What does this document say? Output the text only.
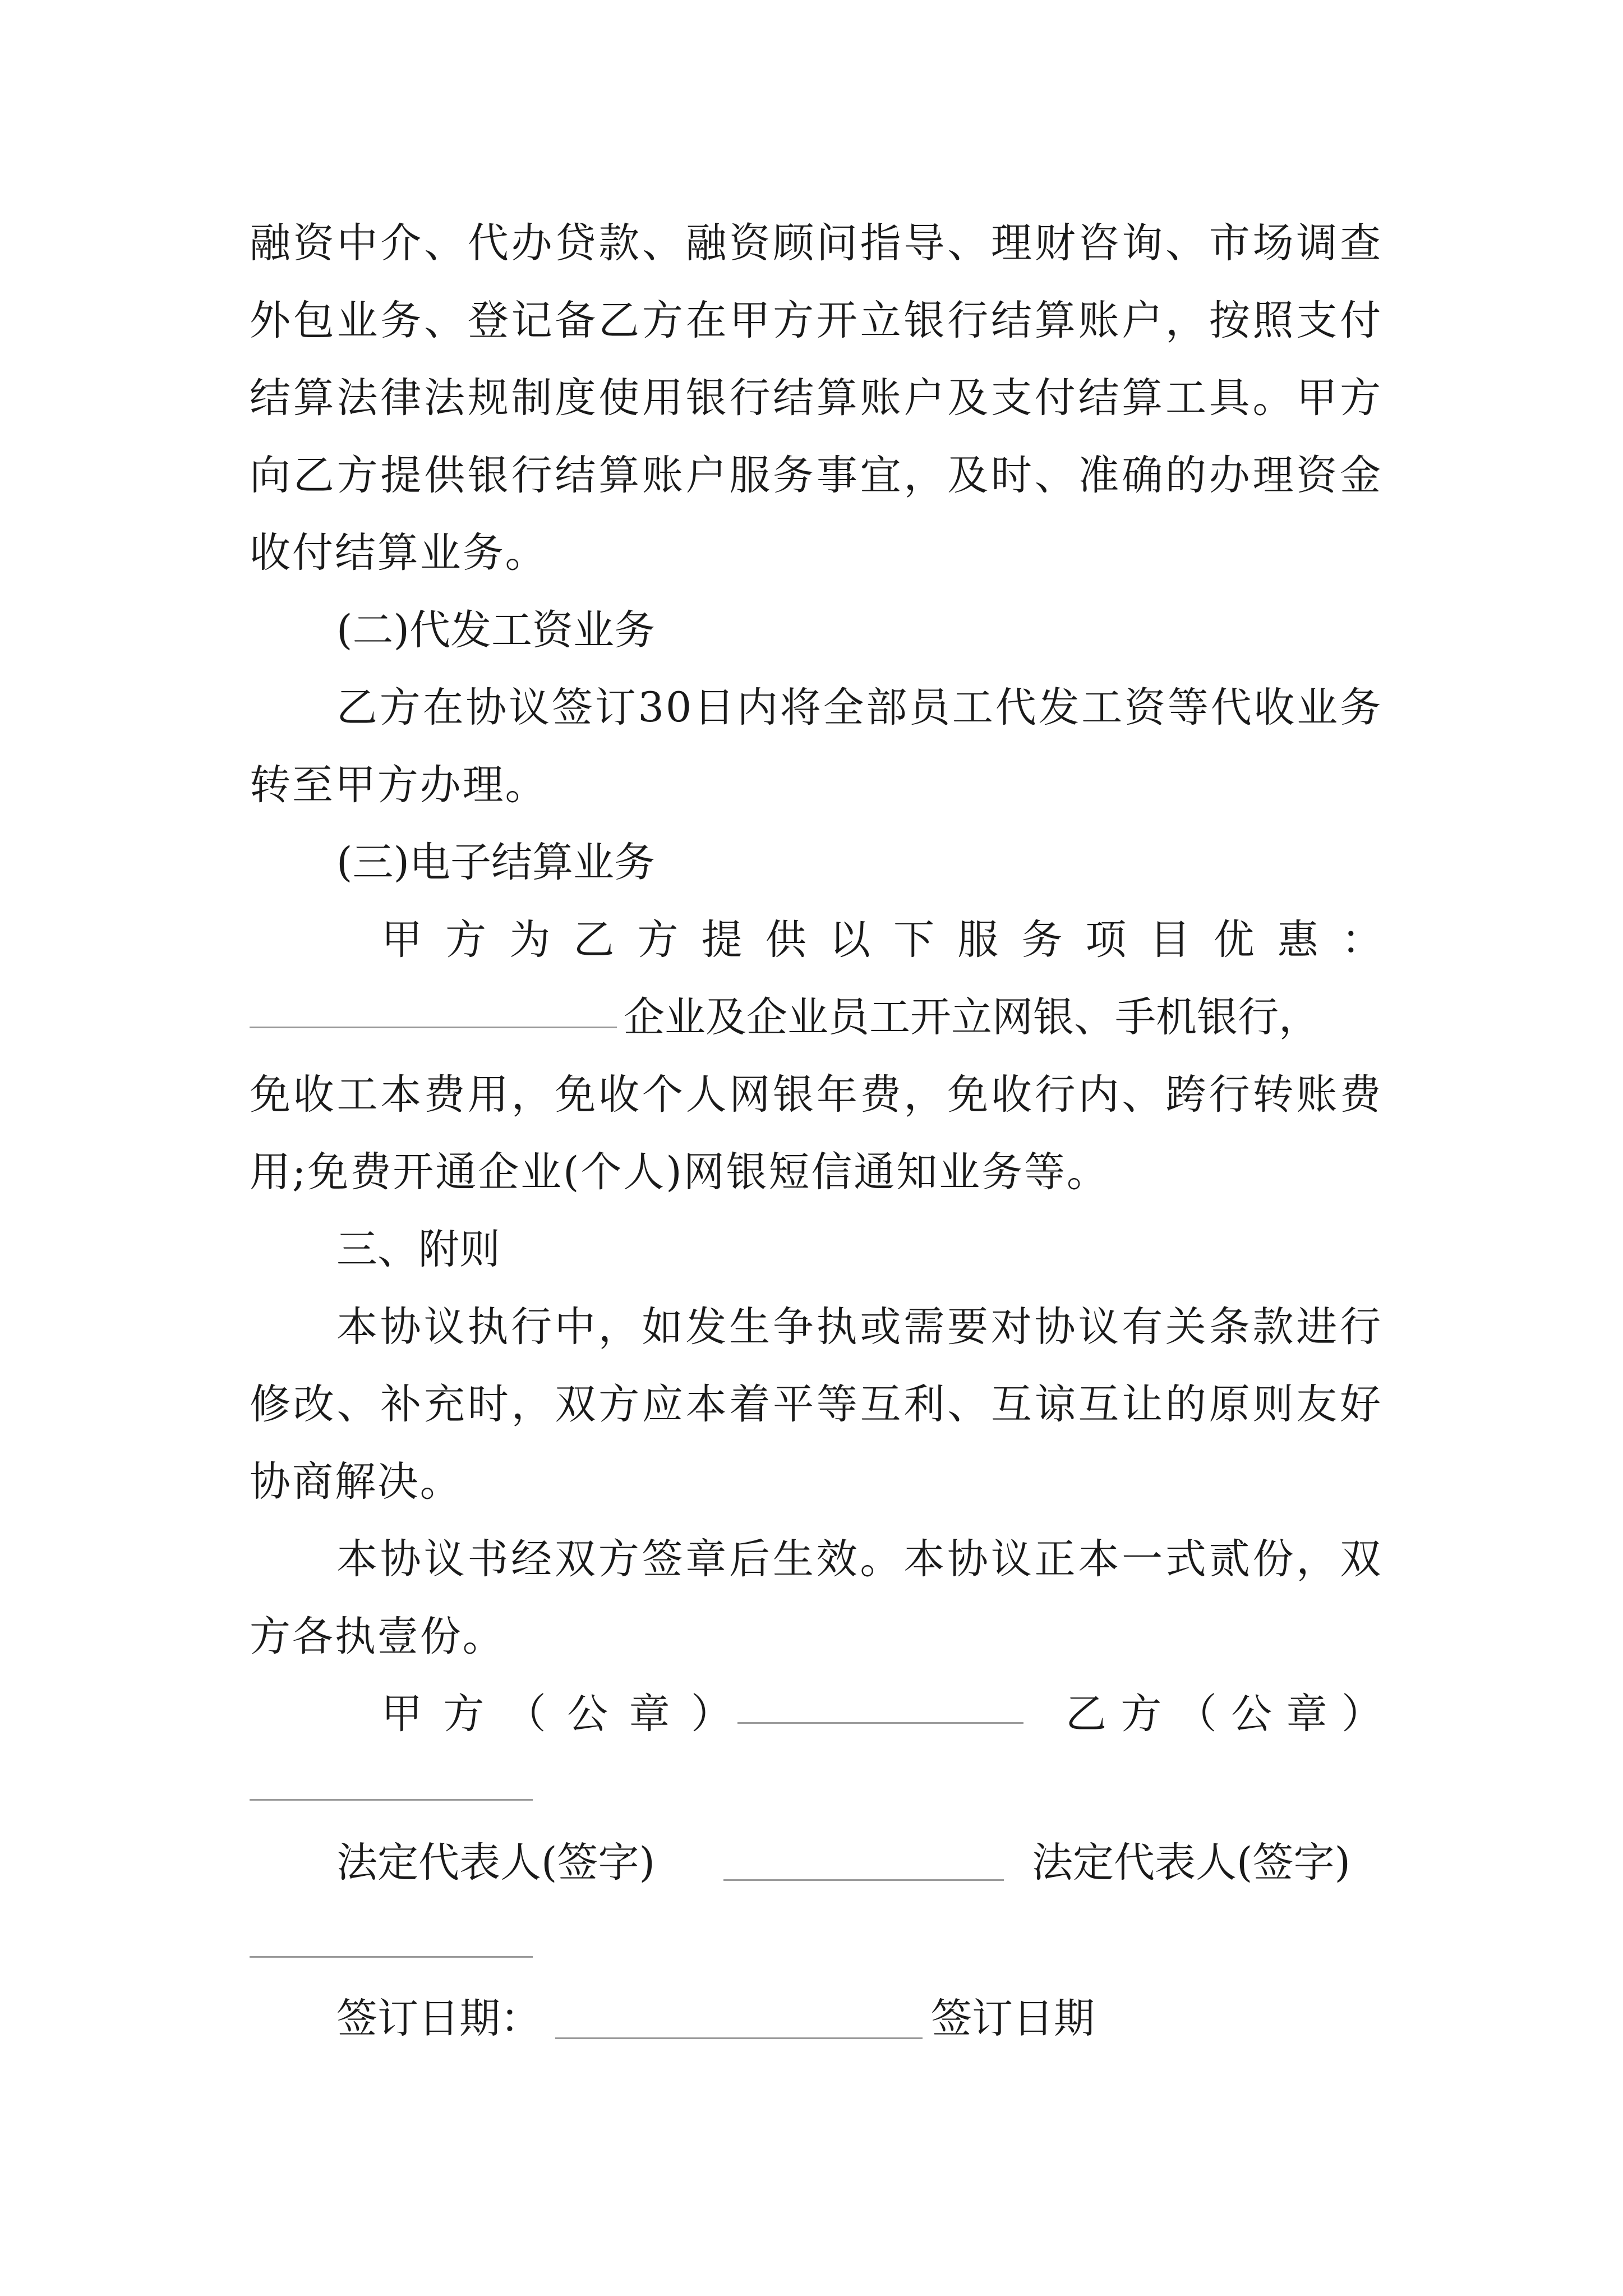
融资中介、代办贷款、融资顾问指导、理财咨询、市场调查外包业务、登记备乙方在甲方开立银行结算账户，按照支付结算法律法规制度使用银行结算账户及支付结算工具。甲方向乙方提供银行结算账户服务事宜，及时、准确的办理资金收付结算业务。
(二)代发工资业务
乙方在协议签订30日内将全部员工代发工资等代收业务转至甲方办理。
(三)电子结算业务
甲 方 为 乙 方 提 供 以 下 服 务 项 目 优 惠 ：
企业及企业员工开立网银、手机银行，
免收工本费用，免收个人网银年费，免收行内、跨行转账费用;免费开通企业(个人)网银短信通知业务等。
三、附则
本协议执行中，如发生争执或需要对协议有关条款进行修改、补充时，双方应本着平等互利、互谅互让的原则友好协商解决。
本协议书经双方签章后生效。本协议正本一式贰份，双方各执壹份。
甲 方 （ 公 章 ）	乙 方 （ 公 章 ）
法定代表人(签字)	法定代表人(签字)
签订日期：	签订日期
